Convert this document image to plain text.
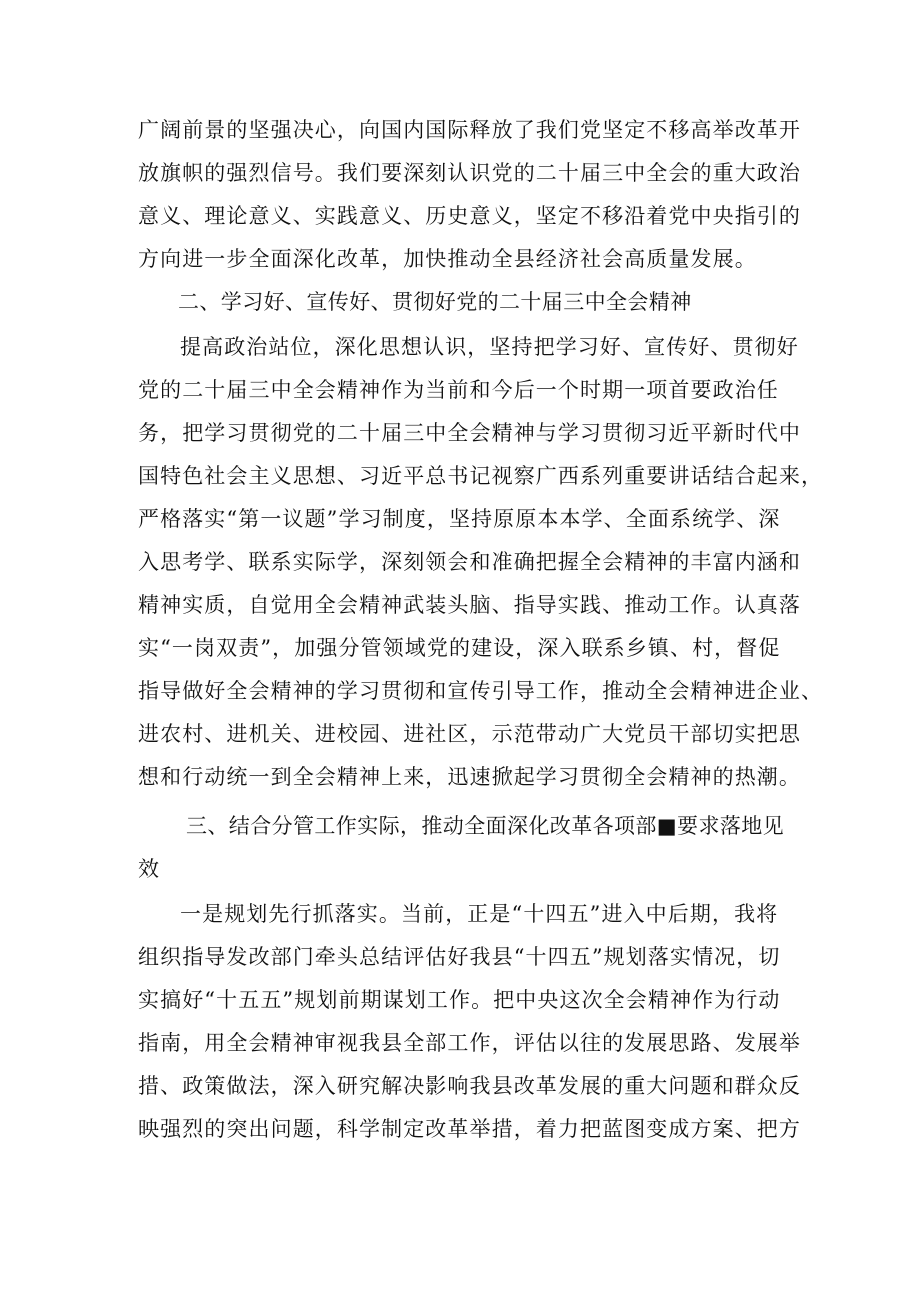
广阔前景的坚强决心，向国内国际释放了我们党坚定不移高举改革开
放旗帜的强烈信号。我们要深刻认识党的二十届三中全会的重大政治
意义、理论意义、实践意义、历史意义，坚定不移沿着党中央指引的
方向进一步全面深化改革，加快推动全县经济社会高质量发展。
二、学习好、宣传好、贯彻好党的二十届三中全会精神
提高政治站位，深化思想认识，坚持把学习好、宣传好、贯彻好
党的二十届三中全会精神作为当前和今后一个时期一项首要政治任
务，把学习贯彻党的二十届三中全会精神与学习贯彻习近平新时代中
国特色社会主义思想、习近平总书记视察广西系列重要讲话结合起来，
严格落实“第一议题”学习制度，坚持原原本本学、全面系统学、深
入思考学、联系实际学，深刻领会和准确把握全会精神的丰富内涵和
精神实质，自觉用全会精神武装头脑、指导实践、推动工作。认真落
实“一岗双责”，加强分管领域党的建设，深入联系乡镇、村，督促
指导做好全会精神的学习贯彻和宣传引导工作，推动全会精神进企业、
进农村、进机关、进校园、进社区，示范带动广大党员干部切实把思
想和行动统一到全会精神上来，迅速掀起学习贯彻全会精神的热潮。
三、结合分管工作实际，推动全面深化改革各项部■要求落地见
效
一是规划先行抓落实。当前，正是“十四五”进入中后期，我将
组织指导发改部门牵头总结评估好我县“十四五”规划落实情况，切
实搞好“十五五”规划前期谋划工作。把中央这次全会精神作为行动
指南，用全会精神审视我县全部工作，评估以往的发展思路、发展举
措、政策做法，深入研究解决影响我县改革发展的重大问题和群众反
映强烈的突出问题，科学制定改革举措，着力把蓝图变成方案、把方
